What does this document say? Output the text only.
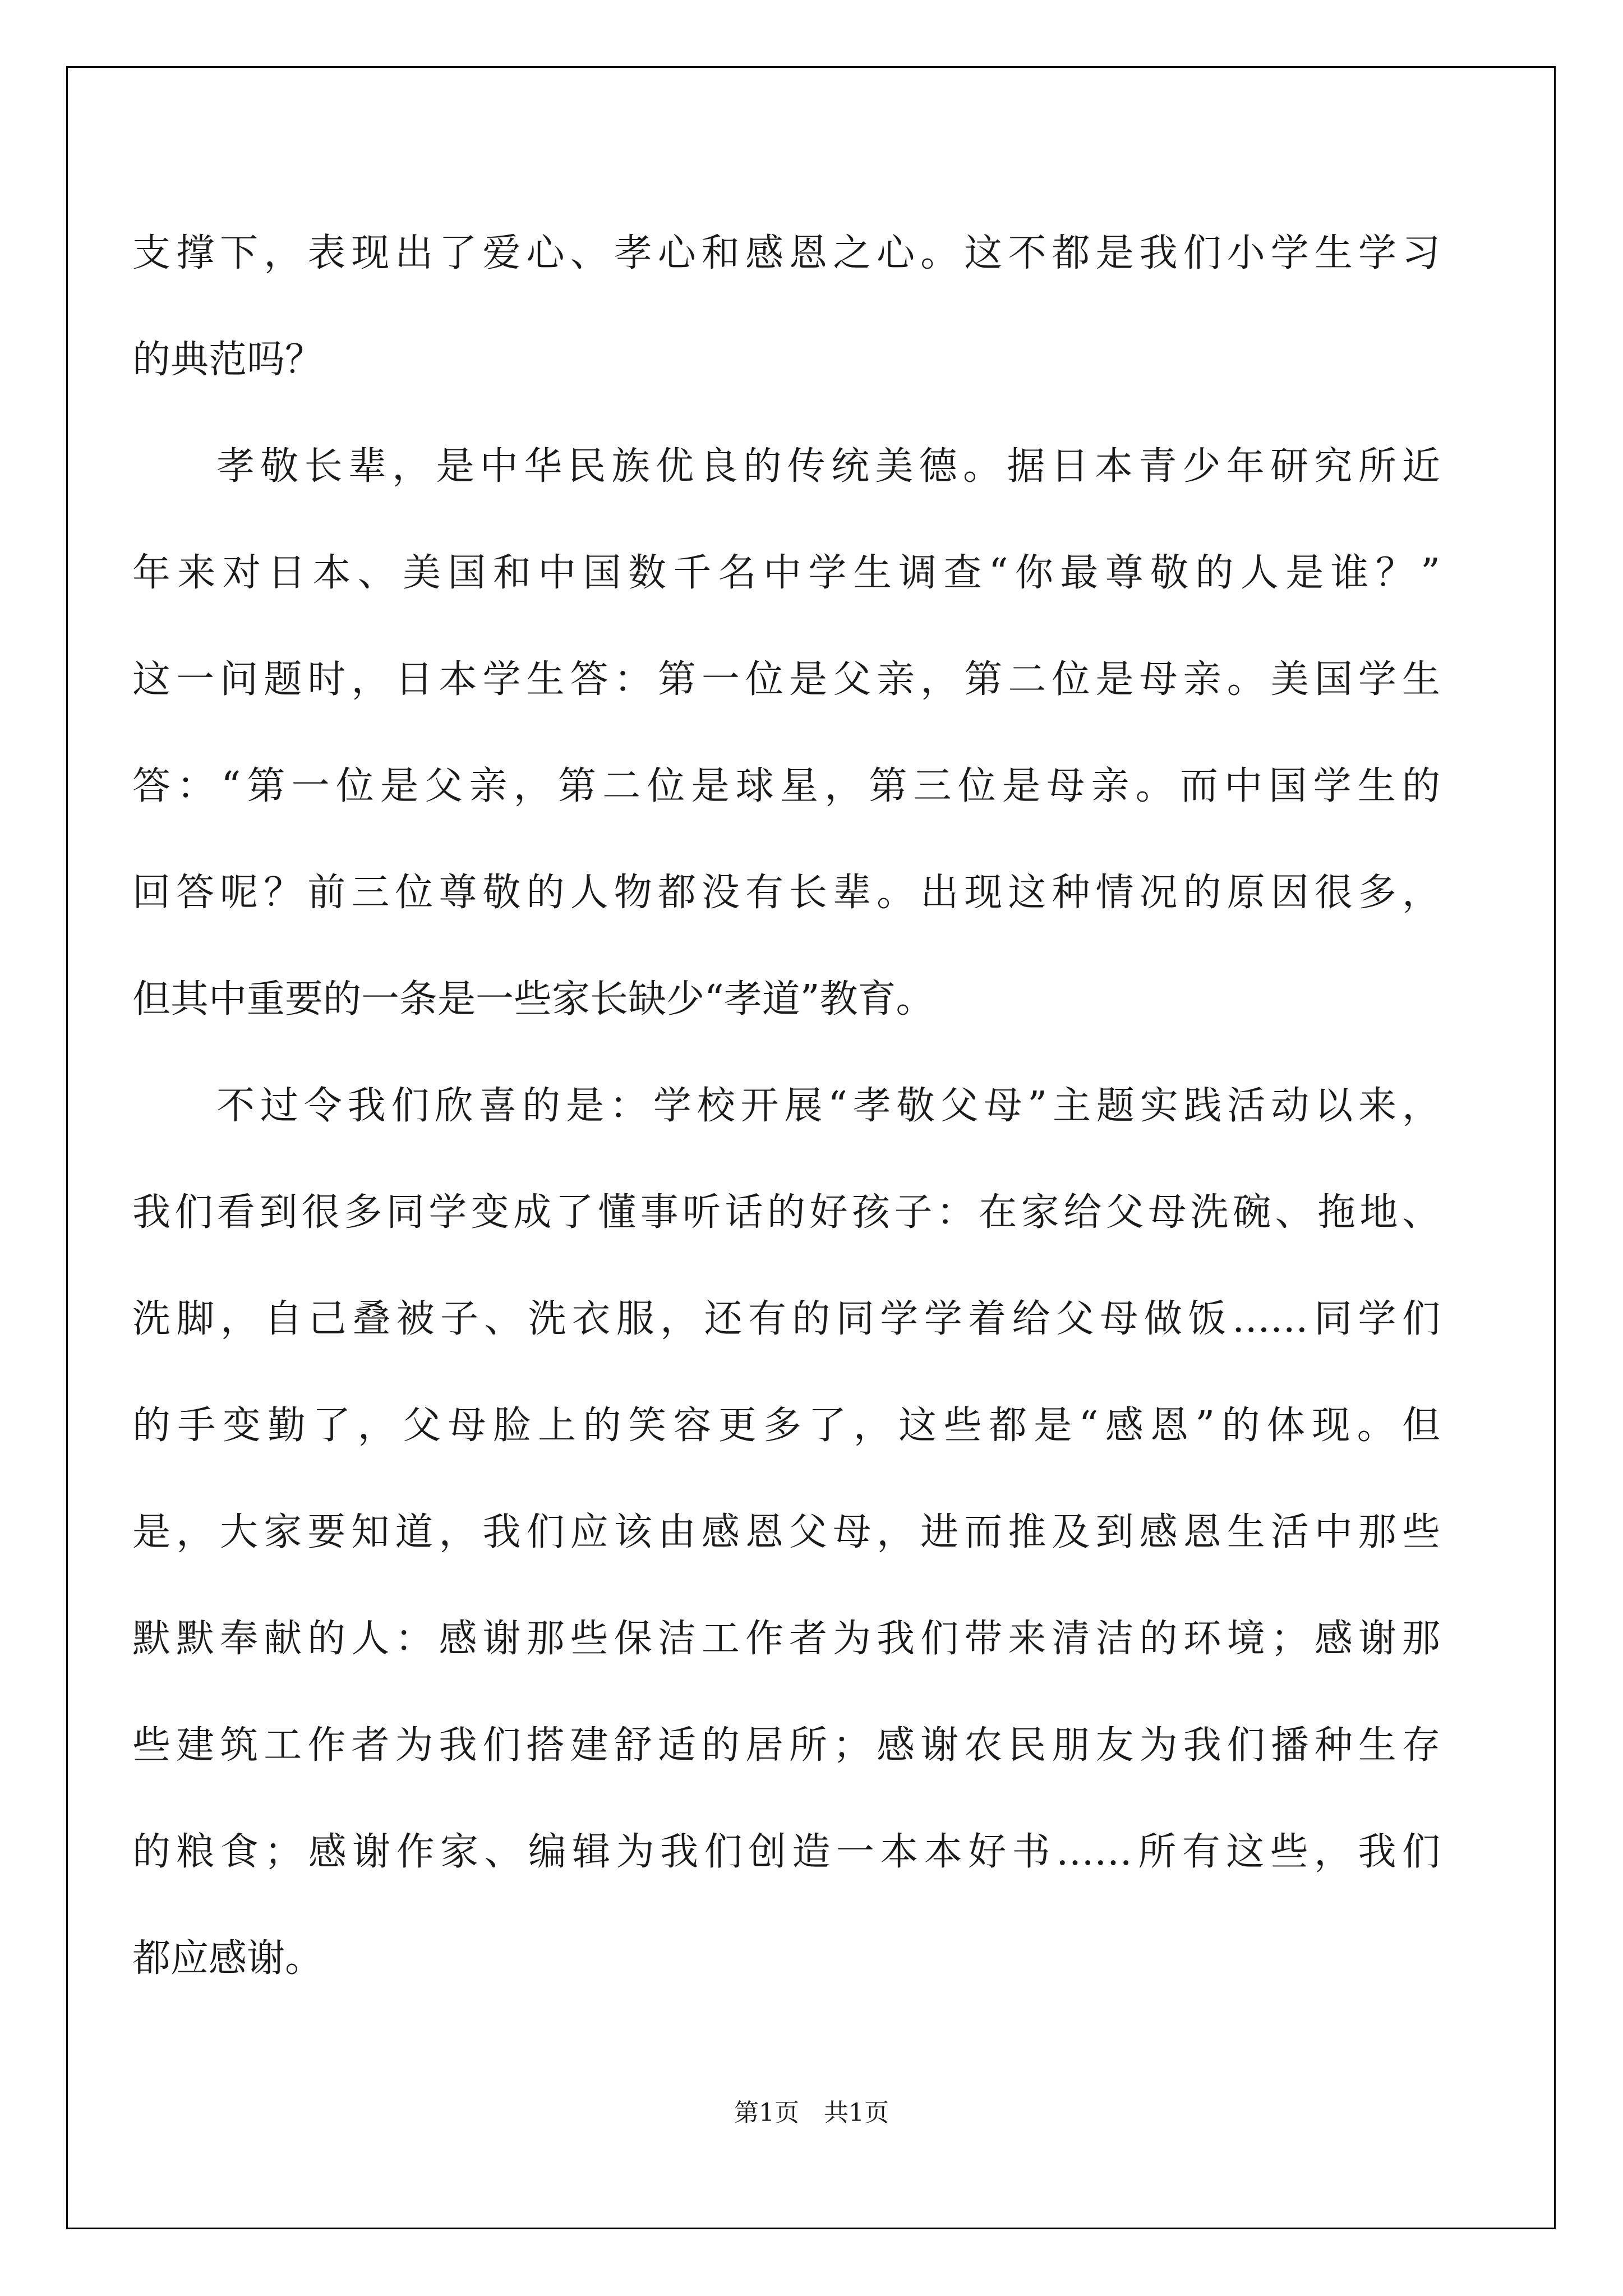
支撑下，表现出了爱心、孝心和感恩之心。这不都是我们小学生学习
的典范吗？
孝敬长辈，是中华民族优良的传统美德。据日本青少年研究所近
年来对日本、美国和中国数千名中学生调查“你最尊敬的人是谁？”
这一问题时，日本学生答：第一位是父亲，第二位是母亲。美国学生
答：“第一位是父亲，第二位是球星，第三位是母亲。而中国学生的
回答呢？前三位尊敬的人物都没有长辈。出现这种情况的原因很多，
但其中重要的一条是一些家长缺少“孝道”教育。
不过令我们欣喜的是：学校开展“孝敬父母”主题实践活动以来，
我们看到很多同学变成了懂事听话的好孩子：在家给父母洗碗、拖地、
洗脚，自己叠被子、洗衣服，还有的同学学着给父母做饭……同学们
的手变勤了，父母脸上的笑容更多了，这些都是“感恩”的体现。但
是，大家要知道，我们应该由感恩父母，进而推及到感恩生活中那些
默默奉献的人：感谢那些保洁工作者为我们带来清洁的环境；感谢那
些建筑工作者为我们搭建舒适的居所；感谢农民朋友为我们播种生存
的粮食；感谢作家、编辑为我们创造一本本好书……所有这些，我们
都应感谢。
第1页 共1页
